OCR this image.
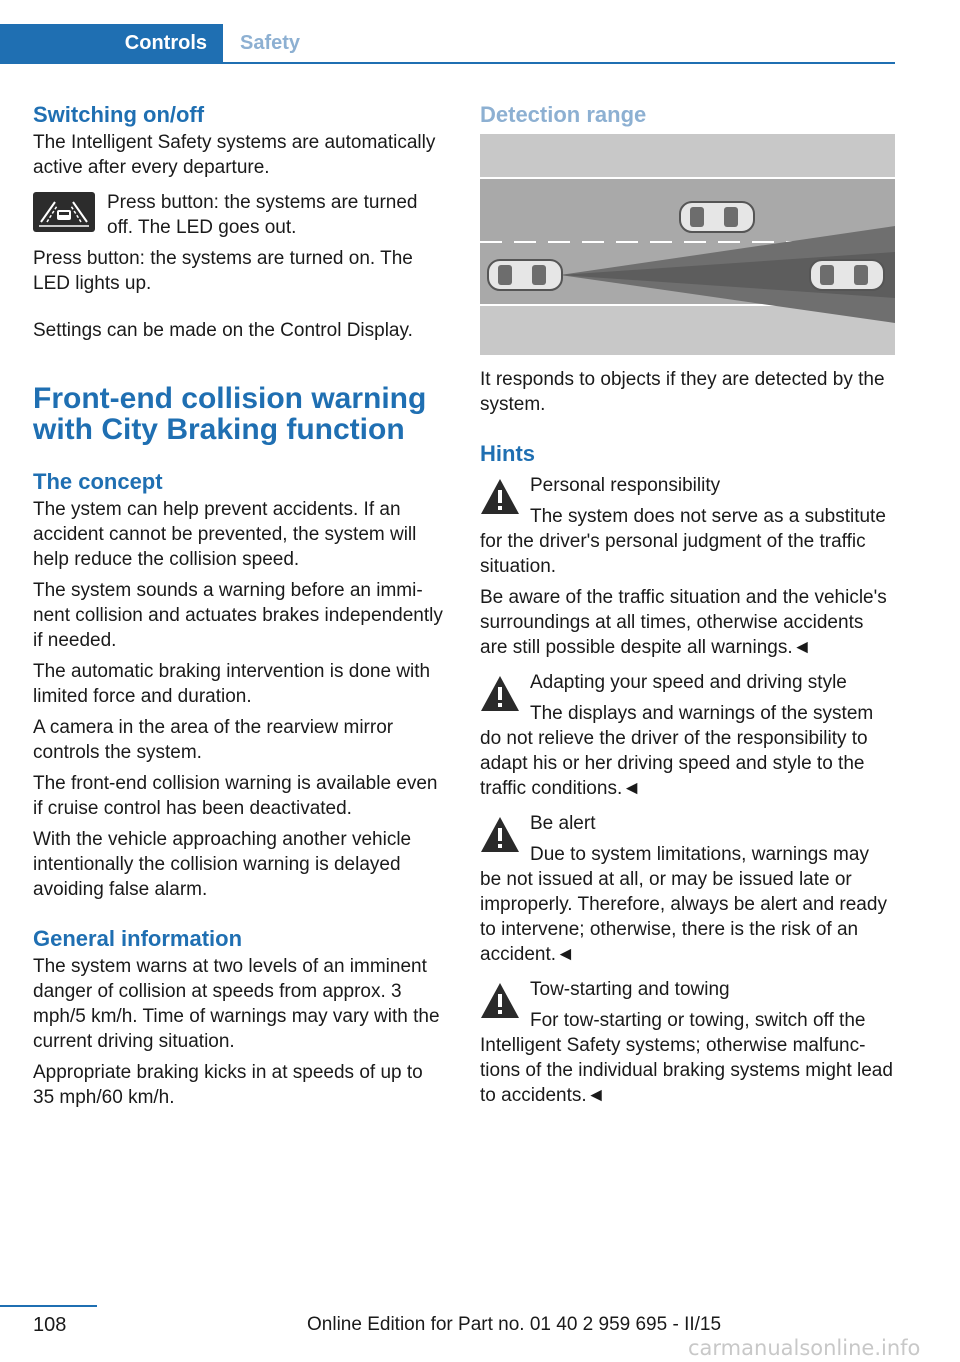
Controls	Safety
Switching on/off

The Intelligent Safety systems are automatically active after every departure.

Press button: the systems are turned off. The LED goes out.

Press button: the systems are turned on. The LED lights up.

Settings can be made on the Control Display.

Front-end collision warning with City Braking function
The concept

The ystem can help prevent accidents. If an accident cannot be prevented, the system will help reduce the collision speed.

The system sounds a warning before an imminent collision and actuates brakes independently if needed.

The automatic braking intervention is done with limited force and duration.

A camera in the area of the rearview mirror controls the system.

The front-end collision warning is available even if cruise control has been deactivated.

With the vehicle approaching another vehicle intentionally the collision warning is delayed avoiding false alarm.

General information

The system warns at two levels of an imminent danger of collision at speeds from approx. 3 mph/5 km/h. Time of warnings may vary with the current driving situation.

Appropriate braking kicks in at speeds of up to 35 mph/60 km/h.

Detection range

It responds to objects if they are detected by the system.

Hints

Personal responsibility

The system does not serve as a substitute for the driver's personal judgment of the traffic situation.

Be aware of the traffic situation and the vehicle's surroundings at all times, otherwise accidents are still possible despite all warnings.◄

Adapting your speed and driving style

The displays and warnings of the system do not relieve the driver of the responsibility to adapt his or her driving speed and style to the traffic conditions.◄

Be alert

Due to system limitations, warnings may be not issued at all, or may be issued late or improperly. Therefore, always be alert and ready to intervene; otherwise, there is the risk of an accident.◄

Tow-starting and towing

For tow-starting or towing, switch off the Intelligent Safety systems; otherwise malfunctions of the individual braking systems might lead to accidents.◄

108	Online Edition for Part no. 01 40 2 959 695 - II/15
carmanualsonline.info
